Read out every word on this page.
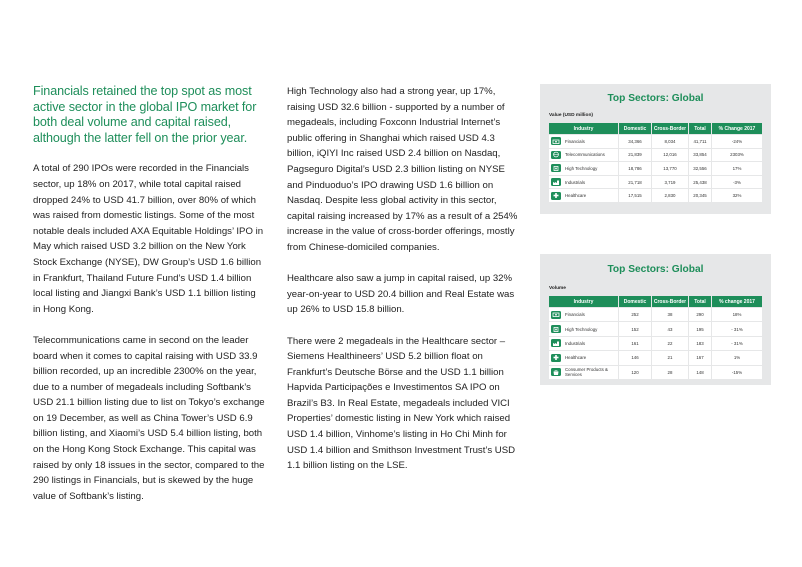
Financials retained the top spot as most active sector in the global IPO market for both deal volume and capital raised, although the latter fell on the prior year.

A total of 290 IPOs were recorded in the Financials sector, up 18% on 2017, while total capital raised dropped 24% to USD 41.7 billion, over 80% of which was raised from domestic listings. Some of the most notable deals included AXA Equitable Holdings’ IPO in May which raised USD 3.2 billion on the New York Stock Exchange (NYSE), DW Group’s USD 1.6 billion in Frankfurt, Thailand Future Fund’s USD 1.4 billion local listing and Jiangxi Bank’s USD 1.1 billion listing in Hong Kong.

Telecommunications came in second on the leader board when it comes to capital raising with USD 33.9 billion recorded, up an incredible 2300% on the year, due to a number of megadeals including Softbank’s USD 21.1 billion listing due to list on Tokyo’s exchange on 19 December, as well as China Tower’s USD 6.9 billion listing, and Xiaomi’s USD 5.4 billion listing, both on the Hong Kong Stock Exchange. This capital was raised by only 18 issues in the sector, compared to the 290 listings in Financials, but is skewed by the huge value of Softbank’s listing.

High Technology also had a strong year, up 17%, raising USD 32.6 billion - supported by a number of megadeals, including Foxconn Industrial Internet’s public offering in Shanghai which raised USD 4.3 billion, iQIYI Inc raised USD 2.4 billion on Nasdaq, Pagseguro Digital’s USD 2.3 billion listing on NYSE and Pinduoduo’s IPO drawing USD 1.6 billion on Nasdaq. Despite less global activity in this sector, capital raising increased by 17% as a result of a 254% increase in the value of cross-border offerings, mostly from Chinese-domiciled companies.

Healthcare also saw a jump in capital raised, up 32% year-on-year to USD 20.4 billion and Real Estate was up 26% to USD 15.8 billion.

There were 2 megadeals in the Healthcare sector – Siemens Healthineers’ USD 5.2 billion float on Frankfurt’s Deutsche Börse and the USD 1.1 billion Hapvida Participações e Investimentos SA IPO on Brazil’s B3. In Real Estate, megadeals included VICI Properties’ domestic listing in New York which raised USD 1.4 billion, Vinhome’s listing in Ho Chi Minh for USD 1.4 billion and Smithson Investment Trust’s USD 1.1 billion listing on the LSE.

Top Sectors: Global
Value (USD million)
Industry	Domestic	Cross-Border	Total	% Change 2017

Financials	34,366	8,034	41,711	-24%

Telecommunications	21,839	12,016	33,854	2303%

High Technology	18,786	13,770	32,556	17%

Industrials	21,718	3,719	25,438	-3%

Healthcare	17,515	2,830	20,345	32%
Top Sectors: Global
Volume
Industry	Domestic	Cross-Border	Total	% change 2017

Financials	252	38	290	18%

High Technology	152	43	195	- 31%

Industrials	161	22	183	- 31%

Healthcare	146	21	167	1%

Consumer Products & Services	120	28	148	-15%
